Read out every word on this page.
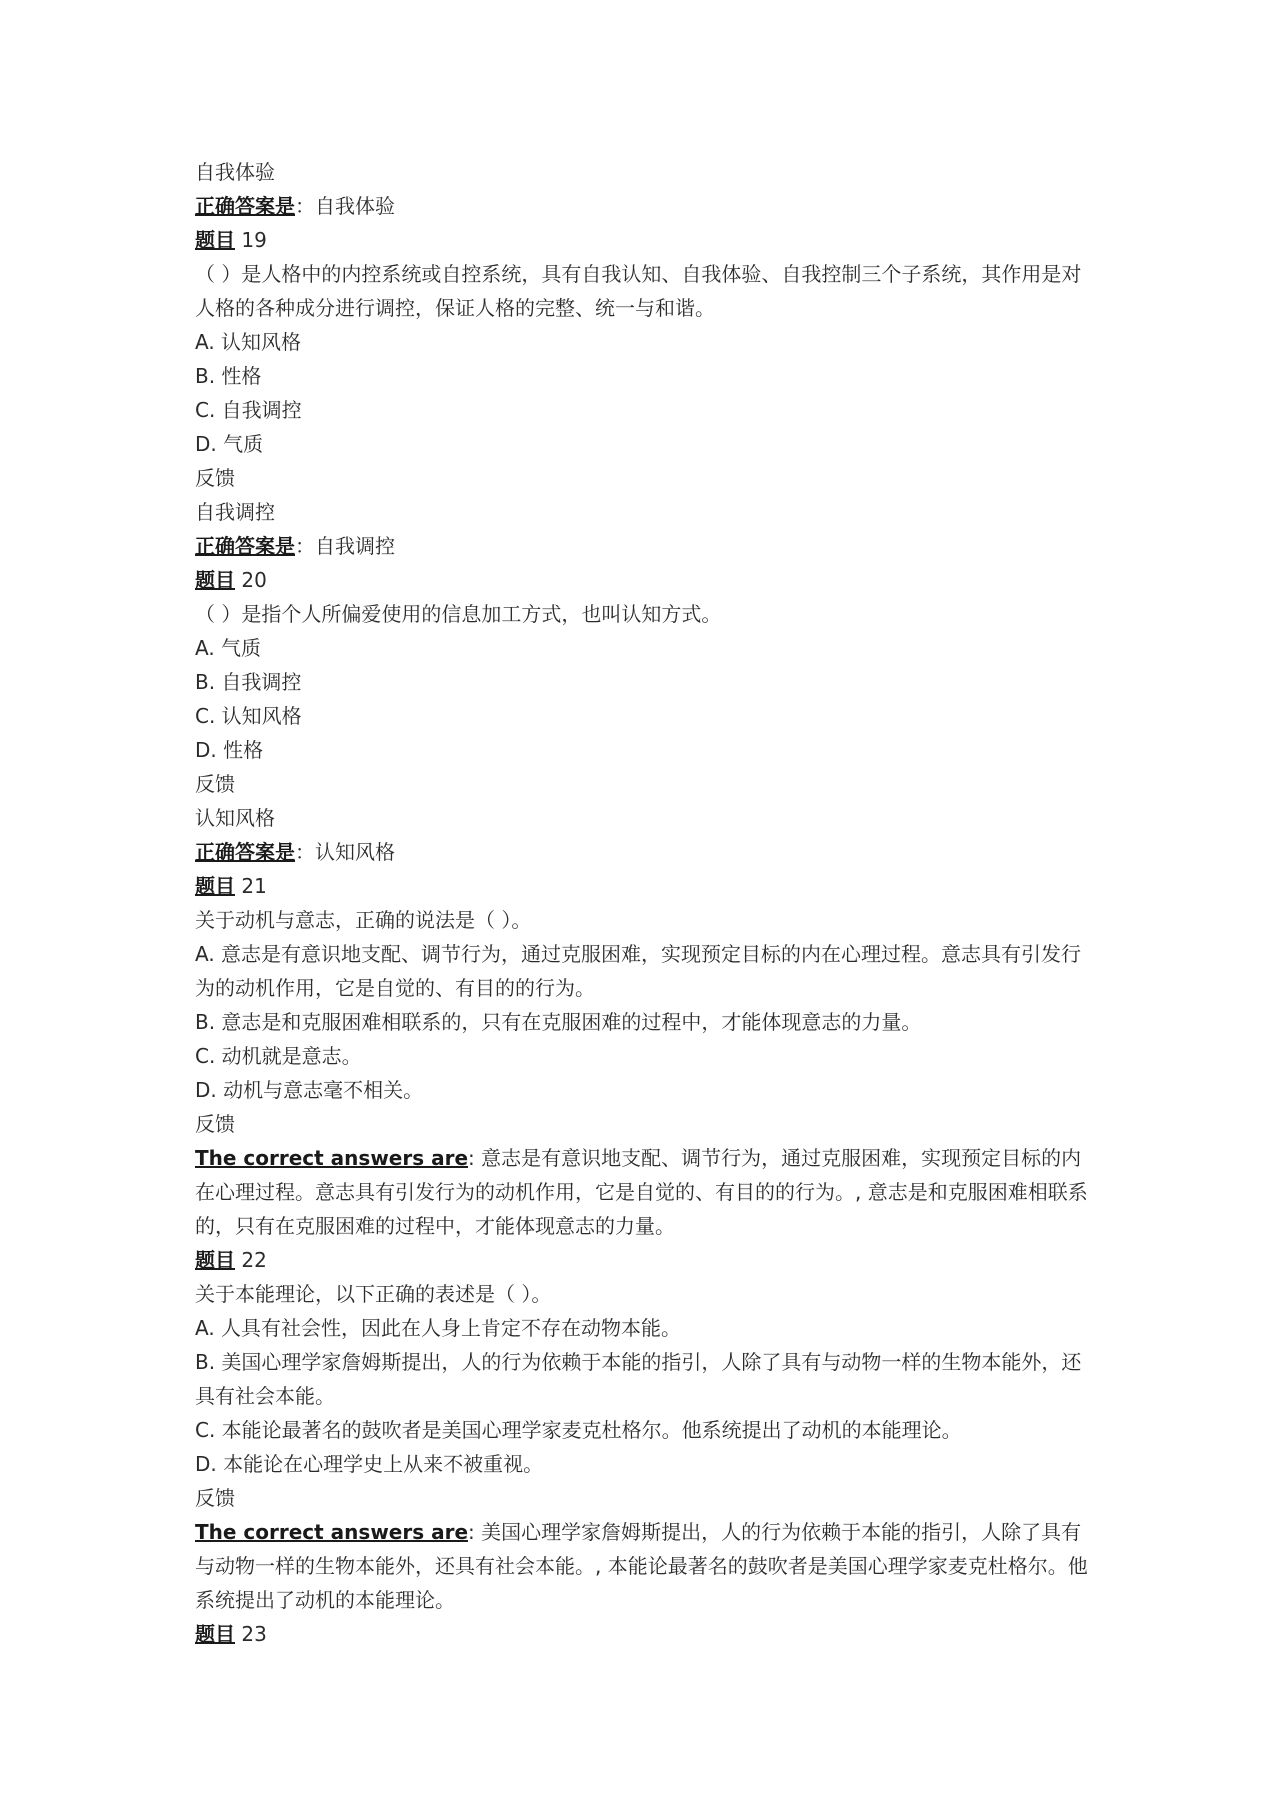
自我体验

正确答案是：自我体验

题目 19

（ ）是人格中的内控系统或自控系统，具有自我认知、自我体验、自我控制三个子系统，其作用是对人格的各种成分进行调控，保证人格的完整、统一与和谐。

A. 认知风格

B. 性格

C. 自我调控

D. 气质

反馈

自我调控

正确答案是：自我调控

题目 20

（ ）是指个人所偏爱使用的信息加工方式，也叫认知方式。

A. 气质

B. 自我调控

C. 认知风格

D. 性格

反馈

认知风格

正确答案是：认知风格

题目 21

关于动机与意志，正确的说法是（ ）。

A. 意志是有意识地支配、调节行为，通过克服困难，实现预定目标的内在心理过程。意志具有引发行为的动机作用，它是自觉的、有目的的行为。

B. 意志是和克服困难相联系的，只有在克服困难的过程中，才能体现意志的力量。

C. 动机就是意志。

D. 动机与意志毫不相关。

反馈

The correct answers are: 意志是有意识地支配、调节行为，通过克服困难，实现预定目标的内在心理过程。意志具有引发行为的动机作用，它是自觉的、有目的的行为。, 意志是和克服困难相联系的，只有在克服困难的过程中，才能体现意志的力量。

题目 22

关于本能理论，以下正确的表述是（ ）。

A. 人具有社会性，因此在人身上肯定不存在动物本能。

B. 美国心理学家詹姆斯提出，人的行为依赖于本能的指引，人除了具有与动物一样的生物本能外，还具有社会本能。

C. 本能论最著名的鼓吹者是美国心理学家麦克杜格尔。他系统提出了动机的本能理论。

D. 本能论在心理学史上从来不被重视。

反馈

The correct answers are: 美国心理学家詹姆斯提出，人的行为依赖于本能的指引，人除了具有与动物一样的生物本能外，还具有社会本能。, 本能论最著名的鼓吹者是美国心理学家麦克杜格尔。他系统提出了动机的本能理论。

题目 23
